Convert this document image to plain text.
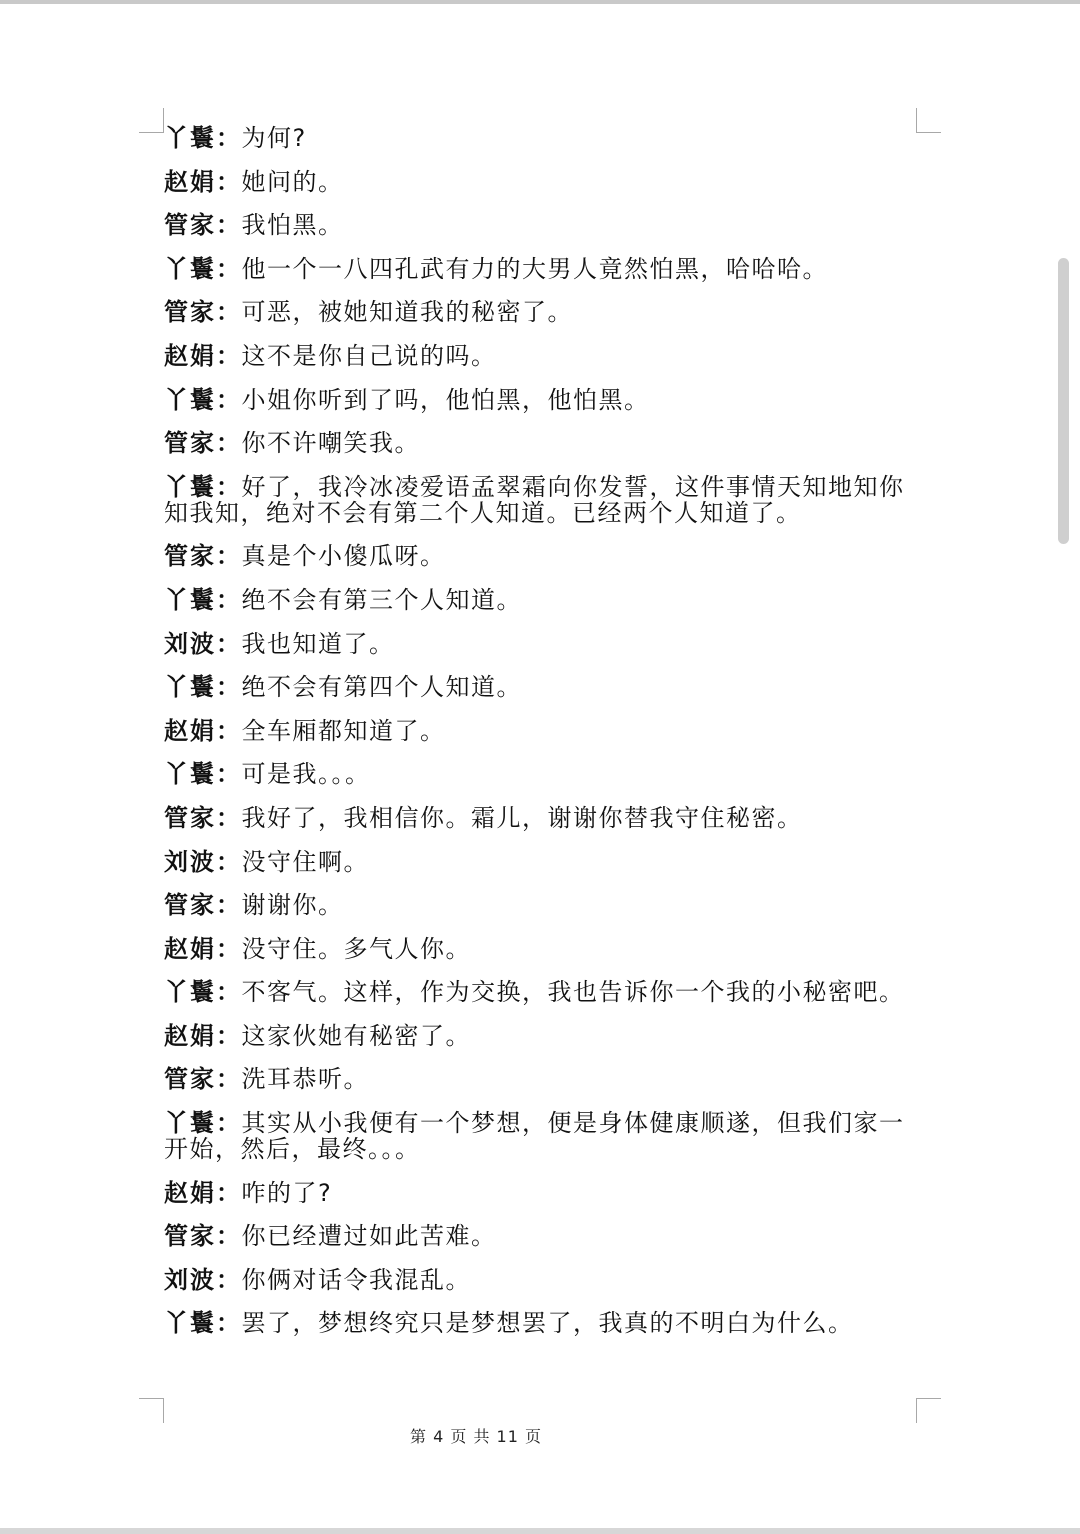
丫鬟：为何?
赵娟：她问的。
管家：我怕黑。
丫鬟：他一个一八四孔武有力的大男人竟然怕黑，哈哈哈。
管家：可恶，被她知道我的秘密了。
赵娟：这不是你自己说的吗。
丫鬟：小姐你听到了吗，他怕黑，他怕黑。
管家：你不许嘲笑我。
丫鬟：好了，我冷冰凌爱语孟翠霜向你发誓，这件事情天知地知你知我知，绝对不会有第二个人知道。已经两个人知道了。
管家：真是个小傻瓜呀。
丫鬟：绝不会有第三个人知道。
刘波：我也知道了。
丫鬟：绝不会有第四个人知道。
赵娟：全车厢都知道了。
丫鬟：可是我。。。
管家：我好了，我相信你。霜儿，谢谢你替我守住秘密。
刘波：没守住啊。
管家：谢谢你。
赵娟：没守住。多气人你。
丫鬟：不客气。这样，作为交换，我也告诉你一个我的小秘密吧。
赵娟：这家伙她有秘密了。
管家：洗耳恭听。
丫鬟：其实从小我便有一个梦想，便是身体健康顺遂，但我们家一开始，然后，最终。。。
赵娟：咋的了?
管家：你已经遭过如此苦难。
刘波：你俩对话令我混乱。
丫鬟：罢了，梦想终究只是梦想罢了，我真的不明白为什么。
第 4 页 共 11 页
